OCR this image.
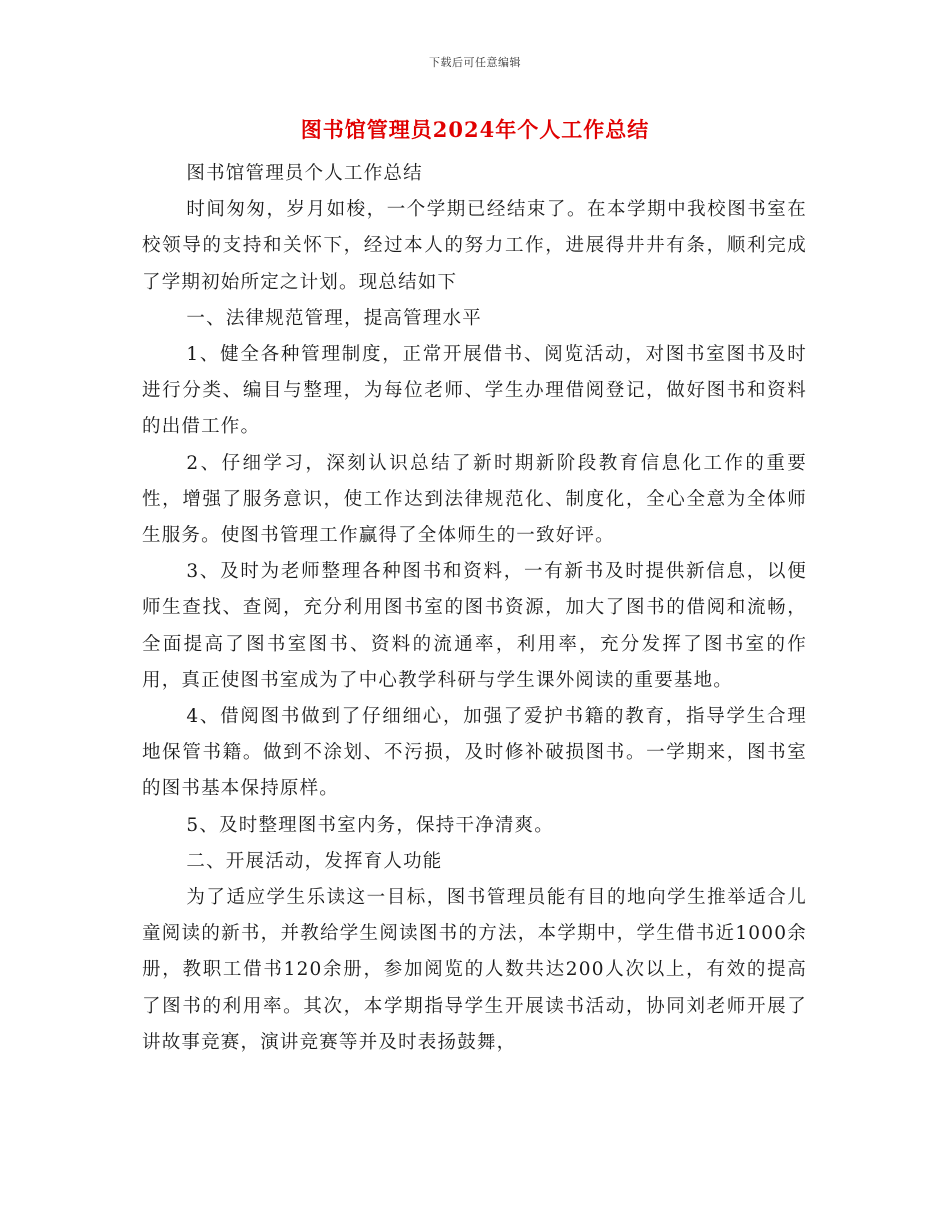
下载后可任意编辑
图书馆管理员2024年个人工作总结

图书馆管理员个人工作总结

时间匆匆，岁月如梭，一个学期已经结束了。在本学期中我校图书室在校领导的支持和关怀下，经过本人的努力工作，进展得井井有条，顺利完成了学期初始所定之计划。现总结如下

一、法律规范管理，提高管理水平

1、健全各种管理制度，正常开展借书、阅览活动，对图书室图书及时进行分类、编目与整理，为每位老师、学生办理借阅登记，做好图书和资料的出借工作。

2、仔细学习，深刻认识总结了新时期新阶段教育信息化工作的重要性，增强了服务意识，使工作达到法律规范化、制度化，全心全意为全体师生服务。使图书管理工作赢得了全体师生的一致好评。

3、及时为老师整理各种图书和资料，一有新书及时提供新信息，以便师生查找、查阅，充分利用图书室的图书资源，加大了图书的借阅和流畅，全面提高了图书室图书、资料的流通率，利用率，充分发挥了图书室的作用，真正使图书室成为了中心教学科研与学生课外阅读的重要基地。

4、借阅图书做到了仔细细心，加强了爱护书籍的教育，指导学生合理地保管书籍。做到不涂划、不污损，及时修补破损图书。一学期来，图书室的图书基本保持原样。

5、及时整理图书室内务，保持干净清爽。

二、开展活动，发挥育人功能

为了适应学生乐读这一目标，图书管理员能有目的地向学生推举适合儿童阅读的新书，并教给学生阅读图书的方法，本学期中，学生借书近1000余册，教职工借书120余册，参加阅览的人数共达200人次以上，有效的提高了图书的利用率。其次，本学期指导学生开展读书活动，协同刘老师开展了讲故事竞赛，演讲竞赛等并及时表扬鼓舞，
